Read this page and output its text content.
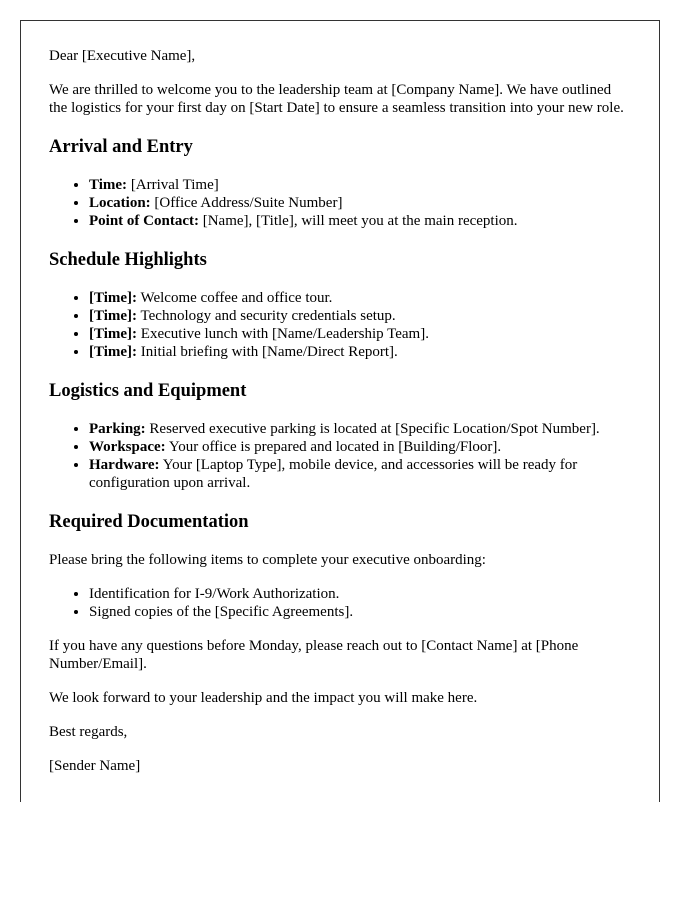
Dear [Executive Name],

We are thrilled to welcome you to the leadership team at [Company Name]. We have outlined the logistics for your first day on [Start Date] to ensure a seamless transition into your new role.

Arrival and Entry
• Time: [Arrival Time]
• Location: [Office Address/Suite Number]
• Point of Contact: [Name], [Title], will meet you at the main reception.
Schedule Highlights
• [Time]: Welcome coffee and office tour.
• [Time]: Technology and security credentials setup.
• [Time]: Executive lunch with [Name/Leadership Team].
• [Time]: Initial briefing with [Name/Direct Report].
Logistics and Equipment
• Parking: Reserved executive parking is located at [Specific Location/Spot Number].
• Workspace: Your office is prepared and located in [Building/Floor].
• Hardware: Your [Laptop Type], mobile device, and accessories will be ready for configuration upon arrival.
Required Documentation

Please bring the following items to complete your executive onboarding:

• Identification for I-9/Work Authorization.
• Signed copies of the [Specific Agreements].

If you have any questions before Monday, please reach out to [Contact Name] at [Phone Number/Email].

We look forward to your leadership and the impact you will make here.

Best regards,

[Sender Name]
